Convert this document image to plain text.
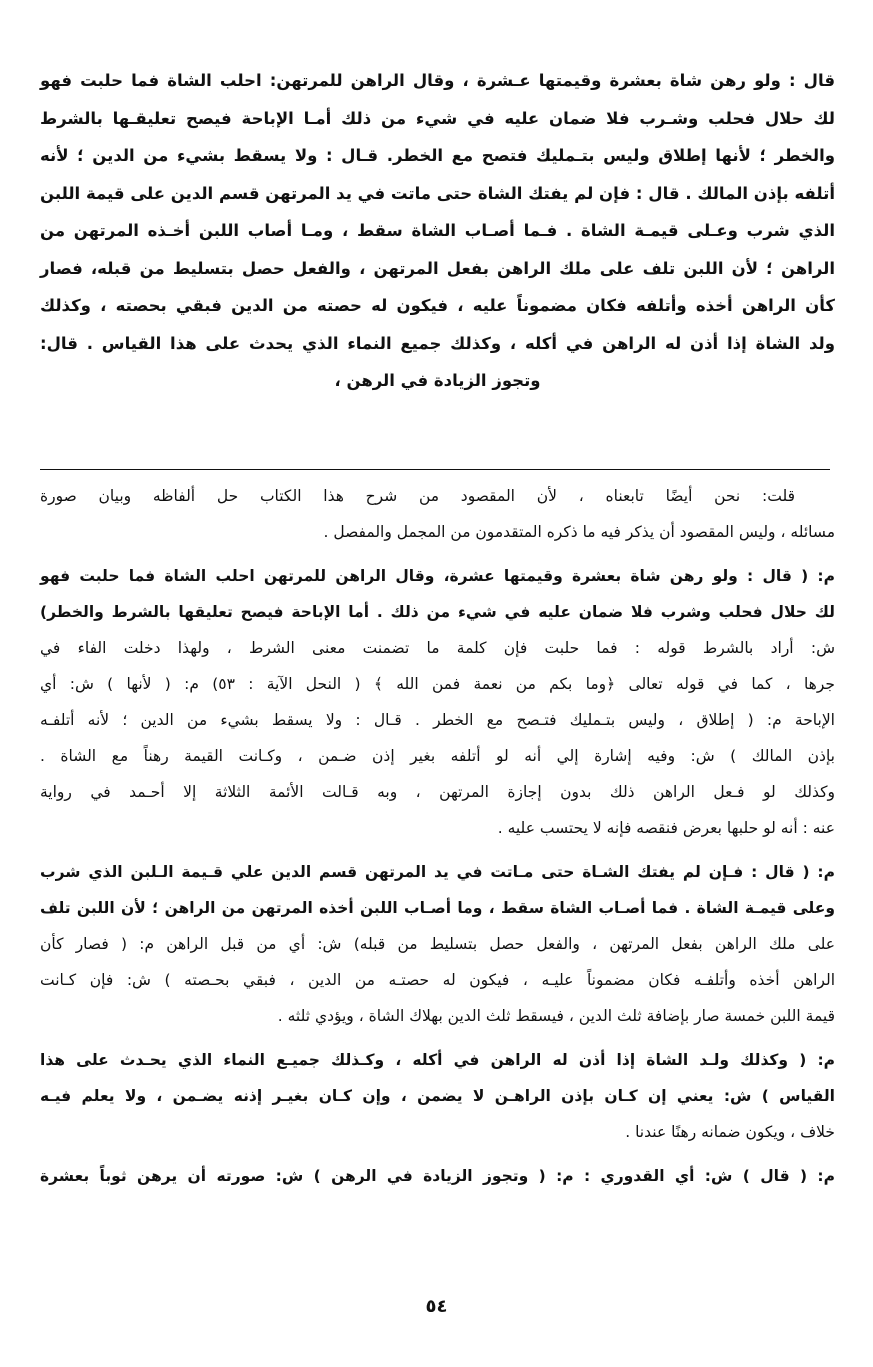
قال : ولو رهن شاة بعشرة وقيمتها عـشرة ، وقال الراهن للمرتهن: احلب الشاة فما حلبت فهو
لك حلال فحلب وشـرب فلا ضمان عليه في شيء من ذلك أمـا الإباحة فيصح تعليقـها بالشرط
والخطر ؛ لأنها إطلاق وليس بتـمليك فتصح مع الخطر. قـال : ولا يسقط بشيء من الدين ؛ لأنه
أتلفه بإذن المالك . قال : فإن لم يفتك الشاة حتى ماتت في يد المرتهن قسم الدين على قيمة اللبن
الذي شرب وعـلى قيمـة الشاة . فـما أصـاب الشاة سقط ، ومـا أصاب اللبن أخـذه المرتهن من
الراهن ؛ لأن اللبن تلف على ملك الراهن بفعل المرتهن ، والفعل حصل بتسليط من قبله، فصار
كأن الراهن أخذه وأتلفه فكان مضموناً عليه ، فيكون له حصته من الدين فبقي بحصته ، وكذلك
ولد الشاة إذا أذن له الراهن في أكله ، وكذلك جميع النماء الذي يحدث على هذا القياس . قال:
وتجوز الزيادة في الرهن ،
قلت: نحن أيضًا تابعناه ، لأن المقصود من شرح هذا الكتاب حل ألفاظه وبيان صورة
مسائله ، وليس المقصود أن يذكر فيه ما ذكره المتقدمون من المجمل والمفصل .
م: ( قال : ولو رهن شاة بعشرة وقيمتها عشرة، وقال الراهن للمرتهن احلب الشاة فما حلبت فهو
لك حلال فحلب وشرب فلا ضمان عليه في شيء من ذلك . أما الإباحة فيصح تعليقها بالشرط والخطر)
ش: أراد بالشرط قوله : فما حلبت فإن كلمة ما تضمنت معنى الشرط ، ولهذا دخلت الفاء في
جرها ، كما في قوله تعالى ﴿وما بكم من نعمة فمن الله ﴾ ( النحل الآية : ٥٣) م: ( لأنها ) ش: أي
الإباحة م: ( إطلاق ، وليس بتـمليك فتـصح مع الخطر . قـال : ولا يسقط بشيء من الدين ؛ لأنه أتلفـه
بإذن المالك ) ش: وفيه إشارة إلي أنه لو أتلفه بغير إذن ضـمن ، وكـانت القيمة رهناً مع الشاة .
وكذلك لو فـعل الراهن ذلك بدون إجازة المرتهن ، وبه قـالت الأئمة الثلاثة إلا أحـمد في رواية
عنه : أنه لو حلبها بعرض فنقصه فإنه لا يحتسب عليه .
م: ( قال : فـإن لم يفتك الشـاة حتى مـاتت في يد المرتهن قسم الدين علي قـيمة الـلبن الذي شرب
وعلى قيمـة الشاة . فما أصـاب الشاة سقط ، وما أصـاب اللبن أخذه المرتهن من الراهن ؛ لأن اللبن تلف
على ملك الراهن بفعل المرتهن ، والفعل حصل بتسليط من قبله) ش: أي من قبل الراهن م: ( فصار كأن
الراهن أخذه وأتلفـه فكان مضموناً عليـه ، فيكون له حصتـه من الدين ، فبقي بحـصته ) ش: فإن كـانت
قيمة اللبن خمسة صار بإضافة ثلث الدين ، فيسقط ثلث الدين بهلاك الشاة ، ويؤدي ثلثه .
م: ( وكذلك ولـد الشاة إذا أذن له الراهن في أكله ، وكـذلك جميـع النماء الذي يحـدث على هذا
القياس ) ش: يعني إن كـان بإذن الراهـن لا يضمن ، وإن كـان بغيـر إذنه يضـمن ، ولا يعلم فيـه
خلاف ، ويكون ضمانه رهنًا عندنا .
م: ( قال ) ش: أي القدوري : م: ( وتجوز الزيادة في الرهن ) ش: صورته أن يرهن ثوباً بعشرة
٥٤
